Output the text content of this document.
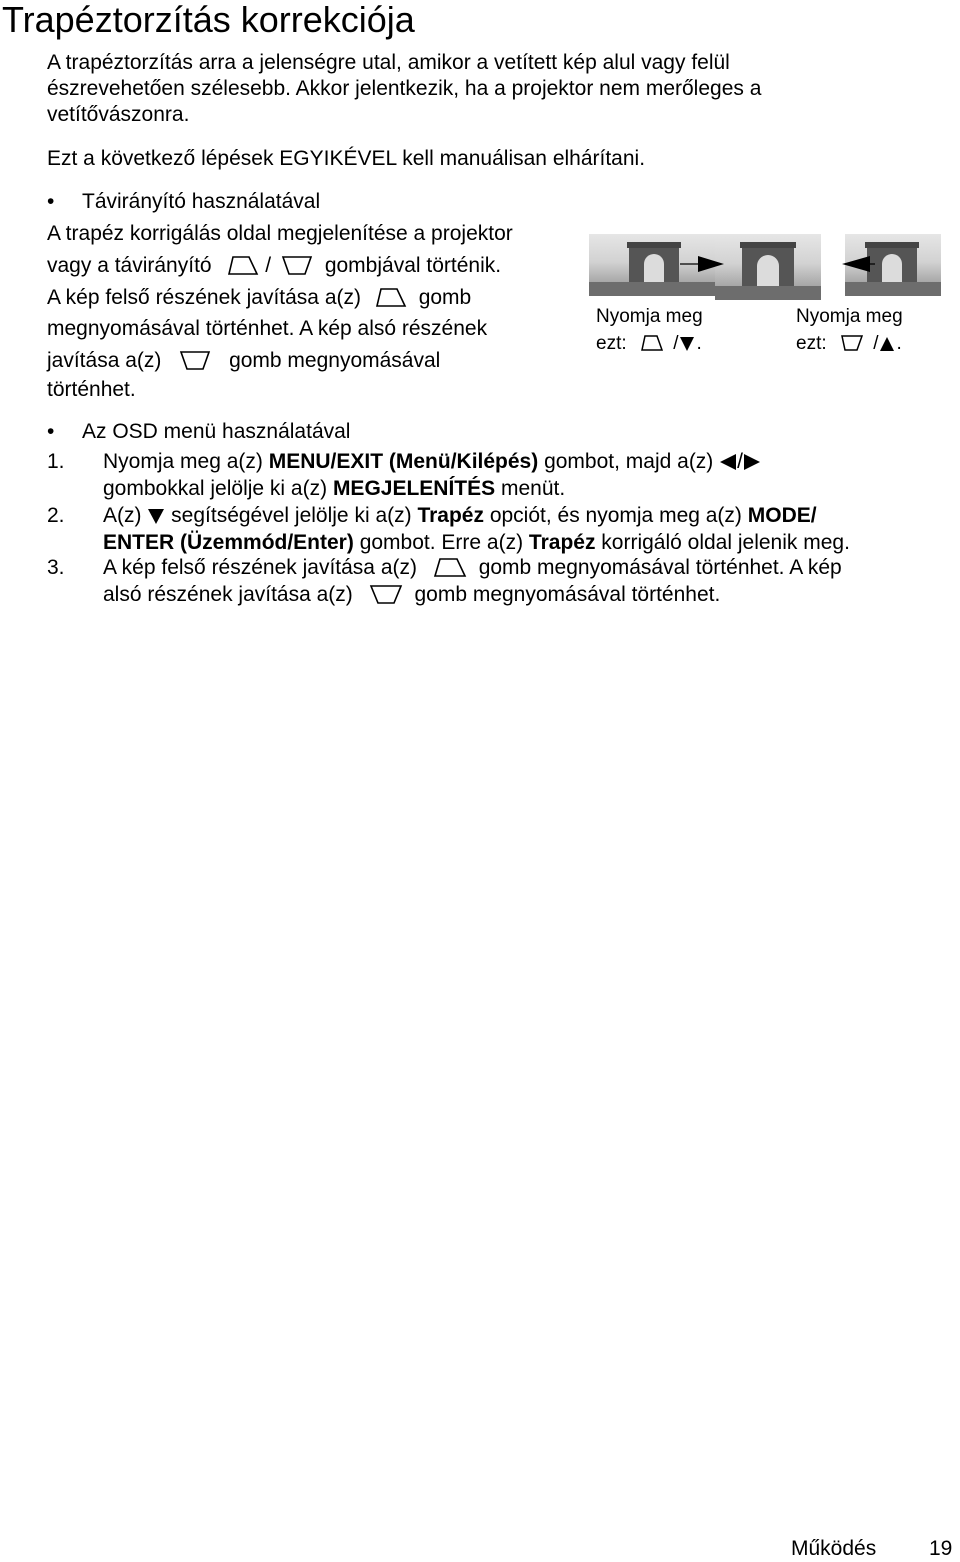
Trapéztorzítás korrekciója
A trapéztorzítás arra a jelenségre utal, amikor a vetített kép alul vagy felül
észrevehetően szélesebb. Akkor jelentkezik, ha a projektor nem merőleges a
vetítővászonra.
Ezt a következő lépések EGYIKÉVEL kell manuálisan elhárítani.
• Távirányító használatával
A trapéz korrigálás oldal megjelenítése a projektor
vagy a távirányító	/	gombjával történik.
A kép felső részének javítása a(z)	gomb
megnyomásával történhet. A kép alsó részének
javítása a(z)	gomb megnyomásával
történhet.
Nyomja meg
ezt: / .
Nyomja meg
ezt: / .
• Az OSD menü használatával
1. Nyomja meg a(z) MENU/EXIT (Menü/Kilépés) gombot, majd a(z)
/

gombokkal jelölje ki a(z) MEGJELENÍTÉS menüt.
2. A(z)
segítségével jelölje ki a(z) Trapéz opciót, és nyomja meg a(z) MODE/
ENTER (Üzemmód/Enter) gombot. Erre a(z) Trapéz korrigáló oldal jelenik meg.
3. A kép felső részének javítása a(z)	gomb megnyomásával történhet. A kép
alsó részének javítása a(z)	gomb megnyomásával történhet.
Működés	19
